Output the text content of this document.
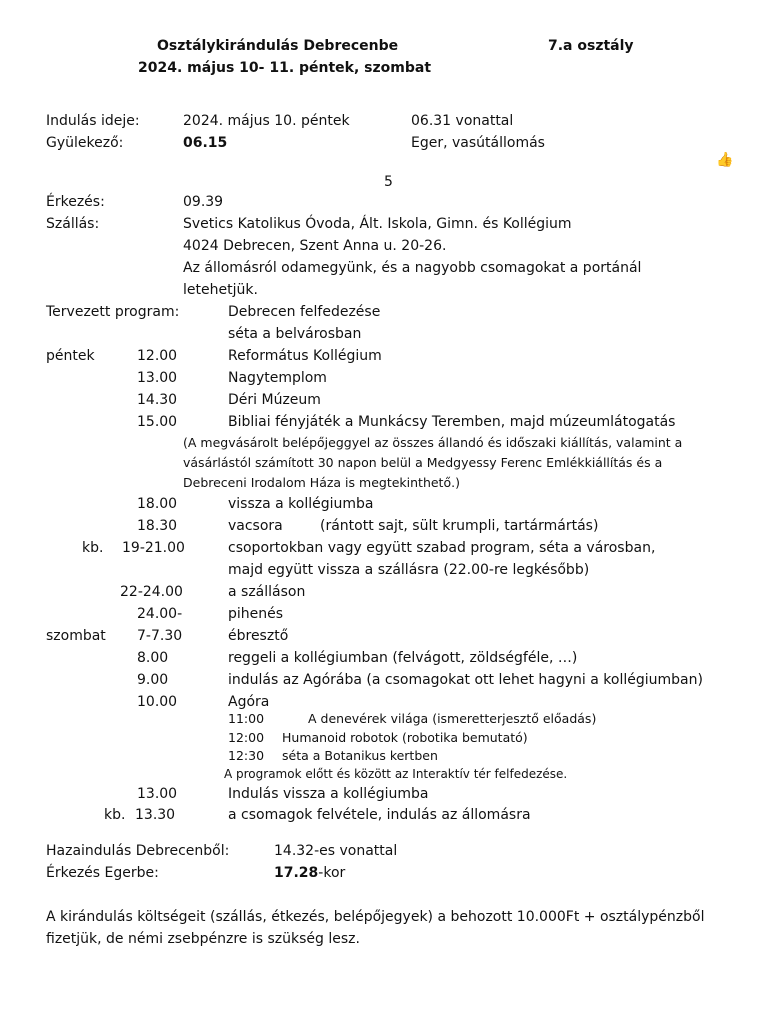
Osztálykirándulás Debrecenbe	7.a osztály
2024. május 10- 11. péntek, szombat
Indulás ideje:	2024. május 10. péntek	06.31 vonattal
Gyülekező:	06.15	Eger, vasútállomás
👍
5
Érkezés:	09.39
Szállás:	Svetics Katolikus Óvoda, Ált. Iskola, Gimn. és Kollégium
4024 Debrecen, Szent Anna u. 20-26.
Az állomásról odamegyünk, és a nagyobb csomagokat a portánál
letehetjük.
Tervezett program:	Debrecen felfedezése
séta a belvárosban
péntek	12.00	Református Kollégium
13.00	Nagytemplom
14.30	Déri Múzeum
15.00	Bibliai fényjáték a Munkácsy Teremben, majd múzeumlátogatás
(A megvásárolt belépőjeggyel az összes állandó és időszaki kiállítás, valamint a
vásárlástól számított 30 napon belül a Medgyessy Ferenc Emlékkiállítás és a
Debreceni Irodalom Háza is megtekinthető.)
18.00	vissza a kollégiumba
18.30	vacsora	(rántott sajt, sült krumpli, tartármártás)
kb. 19-21.00	csoportokban vagy együtt szabad program, séta a városban,
majd együtt vissza a szállásra (22.00-re legkésőbb)
22-24.00	a szálláson
24.00-	pihenés
szombat 7-7.30	ébresztő
8.00	reggeli a kollégiumban (felvágott, zöldségféle, …)
9.00	indulás az Agórába (a csomagokat ott lehet hagyni a kollégiumban)
10.00	Agóra
11:00	A denevérek világa (ismeretterjesztő előadás)
12:00 Humanoid robotok (robotika bemutató)
12:30 séta a Botanikus kertben
A programok előtt és között az Interaktív tér felfedezése.
13.00	Indulás vissza a kollégiumba
kb. 13.30	a csomagok felvétele, indulás az állomásra
Hazaindulás Debrecenből:	14.32-es vonattal
Érkezés Egerbe:	17.28-kor
A kirándulás költségeit (szállás, étkezés, belépőjegyek) a behozott 10.000Ft + osztálypénzből
fizetjük, de némi zsebpénzre is szükség lesz.
